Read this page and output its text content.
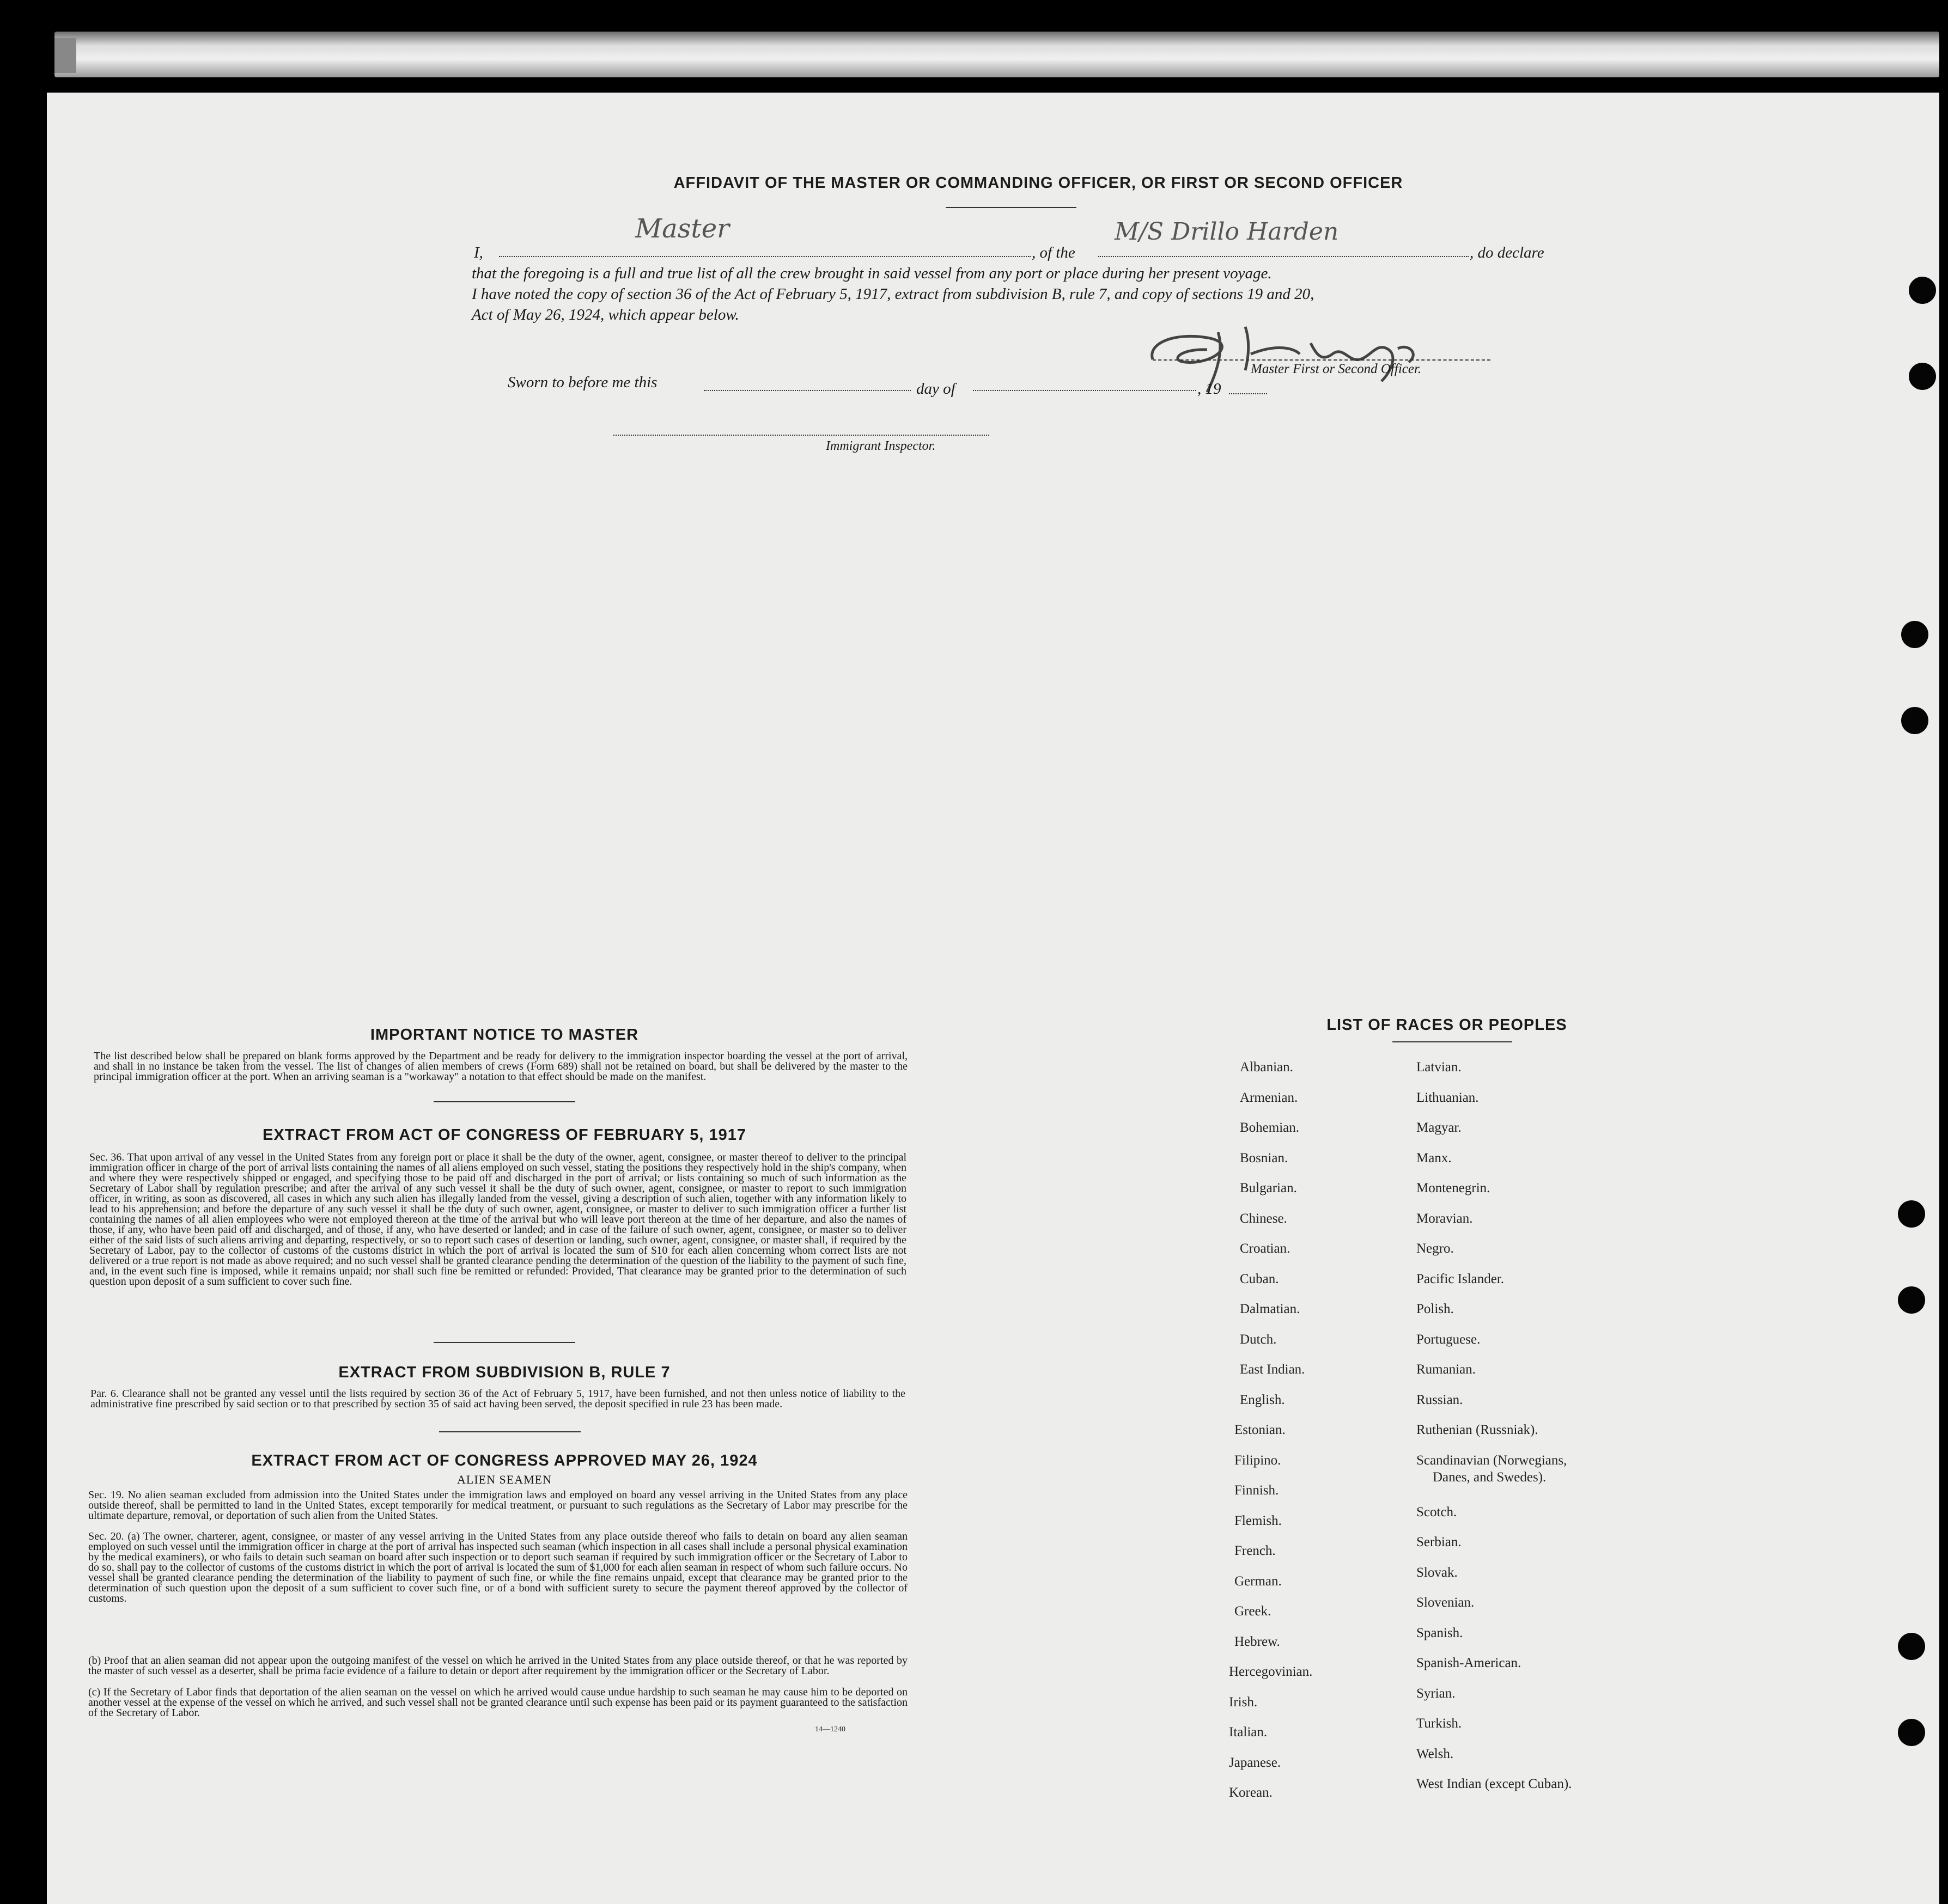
AFFIDAVIT OF THE MASTER OR COMMANDING OFFICER, OR FIRST OR SECOND OFFICER
I,
Master
, of the
M/S Drillo Harden
, do declare
that the foregoing is a full and true list of all the crew brought in said vessel from any port or place during her present voyage.
I have noted the copy of section 36 of the Act of February 5, 1917, extract from subdivision B, rule 7, and copy of sections 19 and 20,
Act of May 26, 1924, which appear below.
Master First or Second Officer.
Sworn to before me this	day of	, 19
Immigrant Inspector.
IMPORTANT NOTICE TO MASTER
The list described below shall be prepared on blank forms approved by the Department and be ready for delivery to the immigration inspector boarding the vessel at the port of arrival, and shall in no instance be taken from the vessel. The list of changes of alien members of crews (Form 689) shall not be retained on board, but shall be delivered by the master to the principal immigration officer at the port. When an arriving seaman is a "workaway" a notation to that effect should be made on the manifest.
EXTRACT FROM ACT OF CONGRESS OF FEBRUARY 5, 1917
Sec. 36. That upon arrival of any vessel in the United States from any foreign port or place it shall be the duty of the owner, agent, consignee, or master thereof to deliver to the principal immigration officer in charge of the port of arrival lists containing the names of all aliens employed on such vessel, stating the positions they respectively hold in the ship's company, when and where they were respectively shipped or engaged, and specifying those to be paid off and discharged in the port of arrival; or lists containing so much of such information as the Secretary of Labor shall by regulation prescribe; and after the arrival of any such vessel it shall be the duty of such owner, agent, consignee, or master to report to such immigration officer, in writing, as soon as discovered, all cases in which any such alien has illegally landed from the vessel, giving a description of such alien, together with any information likely to lead to his apprehension; and before the departure of any such vessel it shall be the duty of such owner, agent, consignee, or master to deliver to such immigration officer a further list containing the names of all alien employees who were not employed thereon at the time of the arrival but who will leave port thereon at the time of her departure, and also the names of those, if any, who have been paid off and discharged, and of those, if any, who have deserted or landed; and in case of the failure of such owner, agent, consignee, or master so to deliver either of the said lists of such aliens arriving and departing, respectively, or so to report such cases of desertion or landing, such owner, agent, consignee, or master shall, if required by the Secretary of Labor, pay to the collector of customs of the customs district in which the port of arrival is located the sum of $10 for each alien concerning whom correct lists are not delivered or a true report is not made as above required; and no such vessel shall be granted clearance pending the determination of the question of the liability to the payment of such fine, and, in the event such fine is imposed, while it remains unpaid; nor shall such fine be remitted or refunded: Provided, That clearance may be granted prior to the determination of such question upon deposit of a sum sufficient to cover such fine.
EXTRACT FROM SUBDIVISION B, RULE 7
Par. 6. Clearance shall not be granted any vessel until the lists required by section 36 of the Act of February 5, 1917, have been furnished, and not then unless notice of liability to the administrative fine prescribed by said section or to that prescribed by section 35 of said act having been served, the deposit specified in rule 23 has been made.
EXTRACT FROM ACT OF CONGRESS APPROVED MAY 26, 1924
ALIEN SEAMEN
Sec. 19. No alien seaman excluded from admission into the United States under the immigration laws and employed on board any vessel arriving in the United States from any place outside thereof, shall be permitted to land in the United States, except temporarily for medical treatment, or pursuant to such regulations as the Secretary of Labor may prescribe for the ultimate departure, removal, or deportation of such alien from the United States.
Sec. 20. (a) The owner, charterer, agent, consignee, or master of any vessel arriving in the United States from any place outside thereof who fails to detain on board any alien seaman employed on such vessel until the immigration officer in charge at the port of arrival has inspected such seaman (which inspection in all cases shall include a personal physical examination by the medical examiners), or who fails to detain such seaman on board after such inspection or to deport such seaman if required by such immigration officer or the Secretary of Labor to do so, shall pay to the collector of customs of the customs district in which the port of arrival is located the sum of $1,000 for each alien seaman in respect of whom such failure occurs. No vessel shall be granted clearance pending the determination of the liability to payment of such fine, or while the fine remains unpaid, except that clearance may be granted prior to the determination of such question upon the deposit of a sum sufficient to cover such fine, or of a bond with sufficient surety to secure the payment thereof approved by the collector of customs.
(b) Proof that an alien seaman did not appear upon the outgoing manifest of the vessel on which he arrived in the United States from any place outside thereof, or that he was reported by the master of such vessel as a deserter, shall be prima facie evidence of a failure to detain or deport after requirement by the immigration officer or the Secretary of Labor.
(c) If the Secretary of Labor finds that deportation of the alien seaman on the vessel on which he arrived would cause undue hardship to such seaman he may cause him to be deported on another vessel at the expense of the vessel on which he arrived, and such vessel shall not be granted clearance until such expense has been paid or its payment guaranteed to the satisfaction of the Secretary of Labor.
14—1240
LIST OF RACES OR PEOPLES
Albanian.
Armenian.
Bohemian.
Bosnian.
Bulgarian.
Chinese.
Croatian.
Cuban.
Dalmatian.
Dutch.
East Indian.
English.
Estonian.
Filipino.
Finnish.
Flemish.
French.
German.
Greek.
Hebrew.
Hercegovinian.
Irish.
Italian.
Japanese.
Korean.
Latvian.
Lithuanian.
Magyar.
Manx.
Montenegrin.
Moravian.
Negro.
Pacific Islander.
Polish.
Portuguese.
Rumanian.
Russian.
Ruthenian (Russniak).
Scandinavian (Norwegians,
Danes, and Swedes).
Scotch.
Serbian.
Slovak.
Slovenian.
Spanish.
Spanish-American.
Syrian.
Turkish.
Welsh.
West Indian (except Cuban).
